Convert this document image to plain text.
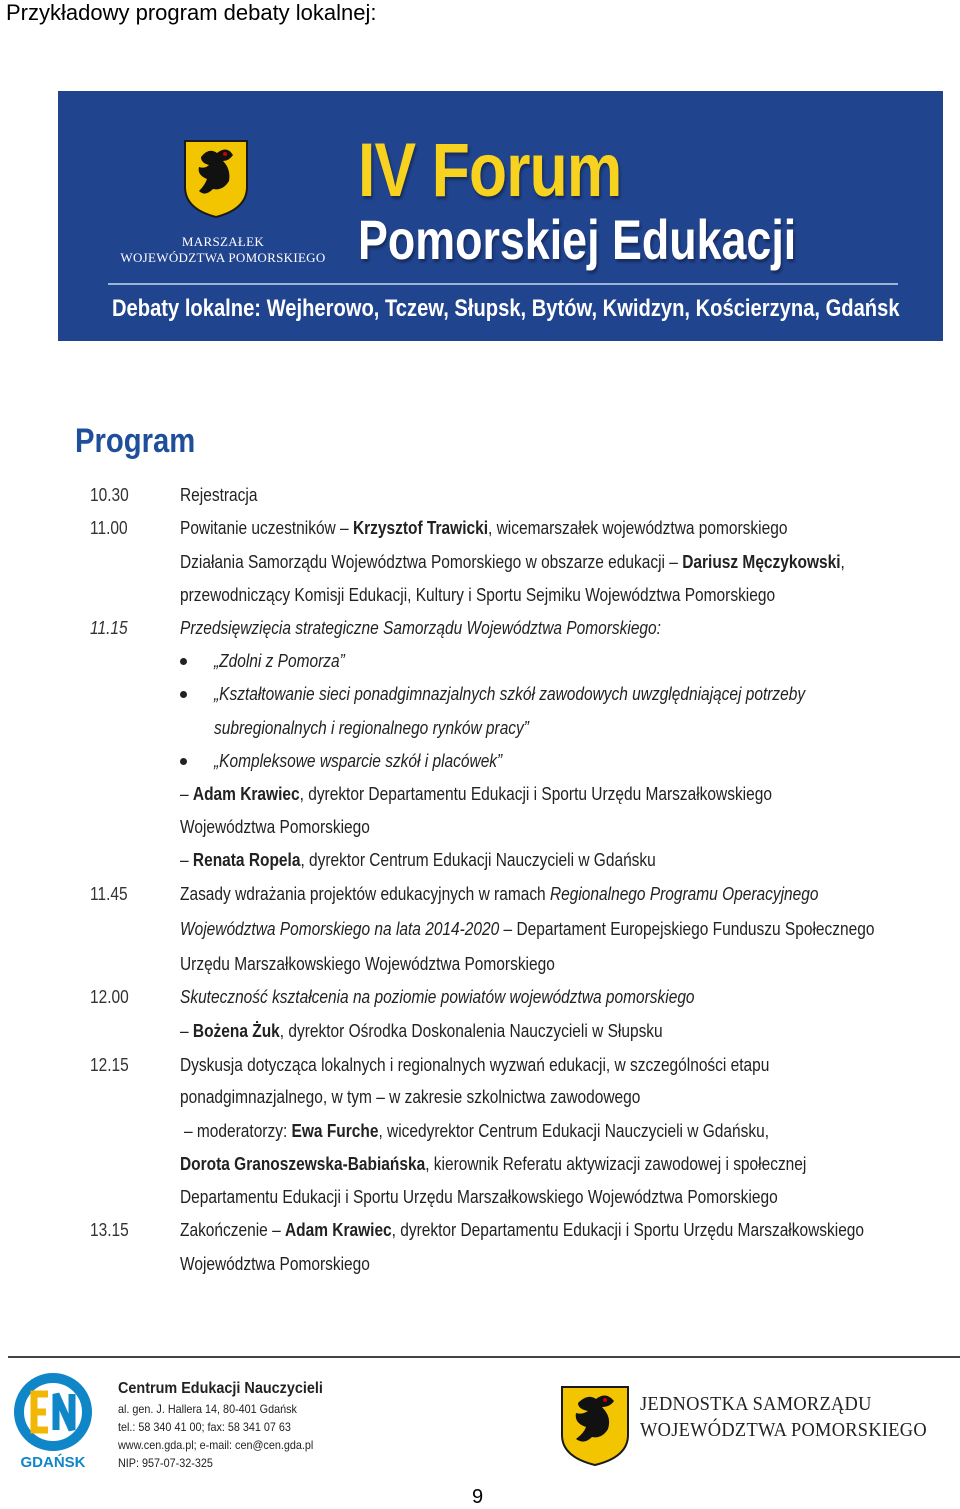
Przykładowy program debaty lokalnej:
MARSZAŁEK
WOJEWÓDZTWA POMORSKIEGO
IV Forum
Pomorskiej Edukacji
Debaty lokalne: Wejherowo, Tczew, Słupsk, Bytów, Kwidzyn, Kościerzyna, Gdańsk
Program
10.30	Rejestracja
11.00	Powitanie uczestników – Krzysztof Trawicki, wicemarszałek województwa pomorskiego
Działania Samorządu Województwa Pomorskiego w obszarze edukacji – Dariusz Męczykowski,
przewodniczący Komisji Edukacji, Kultury i Sportu Sejmiku Województwa Pomorskiego
11.15	Przedsięwzięcia strategiczne Samorządu Województwa Pomorskiego:
„Zdolni z Pomorza”
„Kształtowanie sieci ponadgimnazjalnych szkół zawodowych uwzględniającej potrzeby
subregionalnych i regionalnego rynków pracy”
„Kompleksowe wsparcie szkół i placówek”
– Adam Krawiec, dyrektor Departamentu Edukacji i Sportu Urzędu Marszałkowskiego
Województwa Pomorskiego
– Renata Ropela, dyrektor Centrum Edukacji Nauczycieli w Gdańsku
11.45	Zasady wdrażania projektów edukacyjnych w ramach Regionalnego Programu Operacyjnego
Województwa Pomorskiego na lata 2014-2020 – Departament Europejskiego Funduszu Społecznego
Urzędu Marszałkowskiego Województwa Pomorskiego
12.00	Skuteczność kształcenia na poziomie powiatów województwa pomorskiego
– Bożena Żuk, dyrektor Ośrodka Doskonalenia Nauczycieli w Słupsku
12.15	Dyskusja dotycząca lokalnych i regionalnych wyzwań edukacji, w szczególności etapu
ponadgimnazjalnego, w tym – w zakresie szkolnictwa zawodowego
– moderatorzy: Ewa Furche, wicedyrektor Centrum Edukacji Nauczycieli w Gdańsku,
Dorota Granoszewska-Babiańska, kierownik Referatu aktywizacji zawodowej i społecznej
Departamentu Edukacji i Sportu Urzędu Marszałkowskiego Województwa Pomorskiego
13.15	Zakończenie – Adam Krawiec, dyrektor Departamentu Edukacji i Sportu Urzędu Marszałkowskiego
Województwa Pomorskiego
GDAŃSK
Centrum Edukacji Nauczycieli
al. gen. J. Hallera 14, 80-401 Gdańsk
tel.: 58 340 41 00; fax: 58 341 07 63
www.cen.gda.pl; e-mail: cen@cen.gda.pl
NIP: 957-07-32-325
JEDNOSTKA SAMORZĄDU
WOJEWÓDZTWA POMORSKIEGO
9
